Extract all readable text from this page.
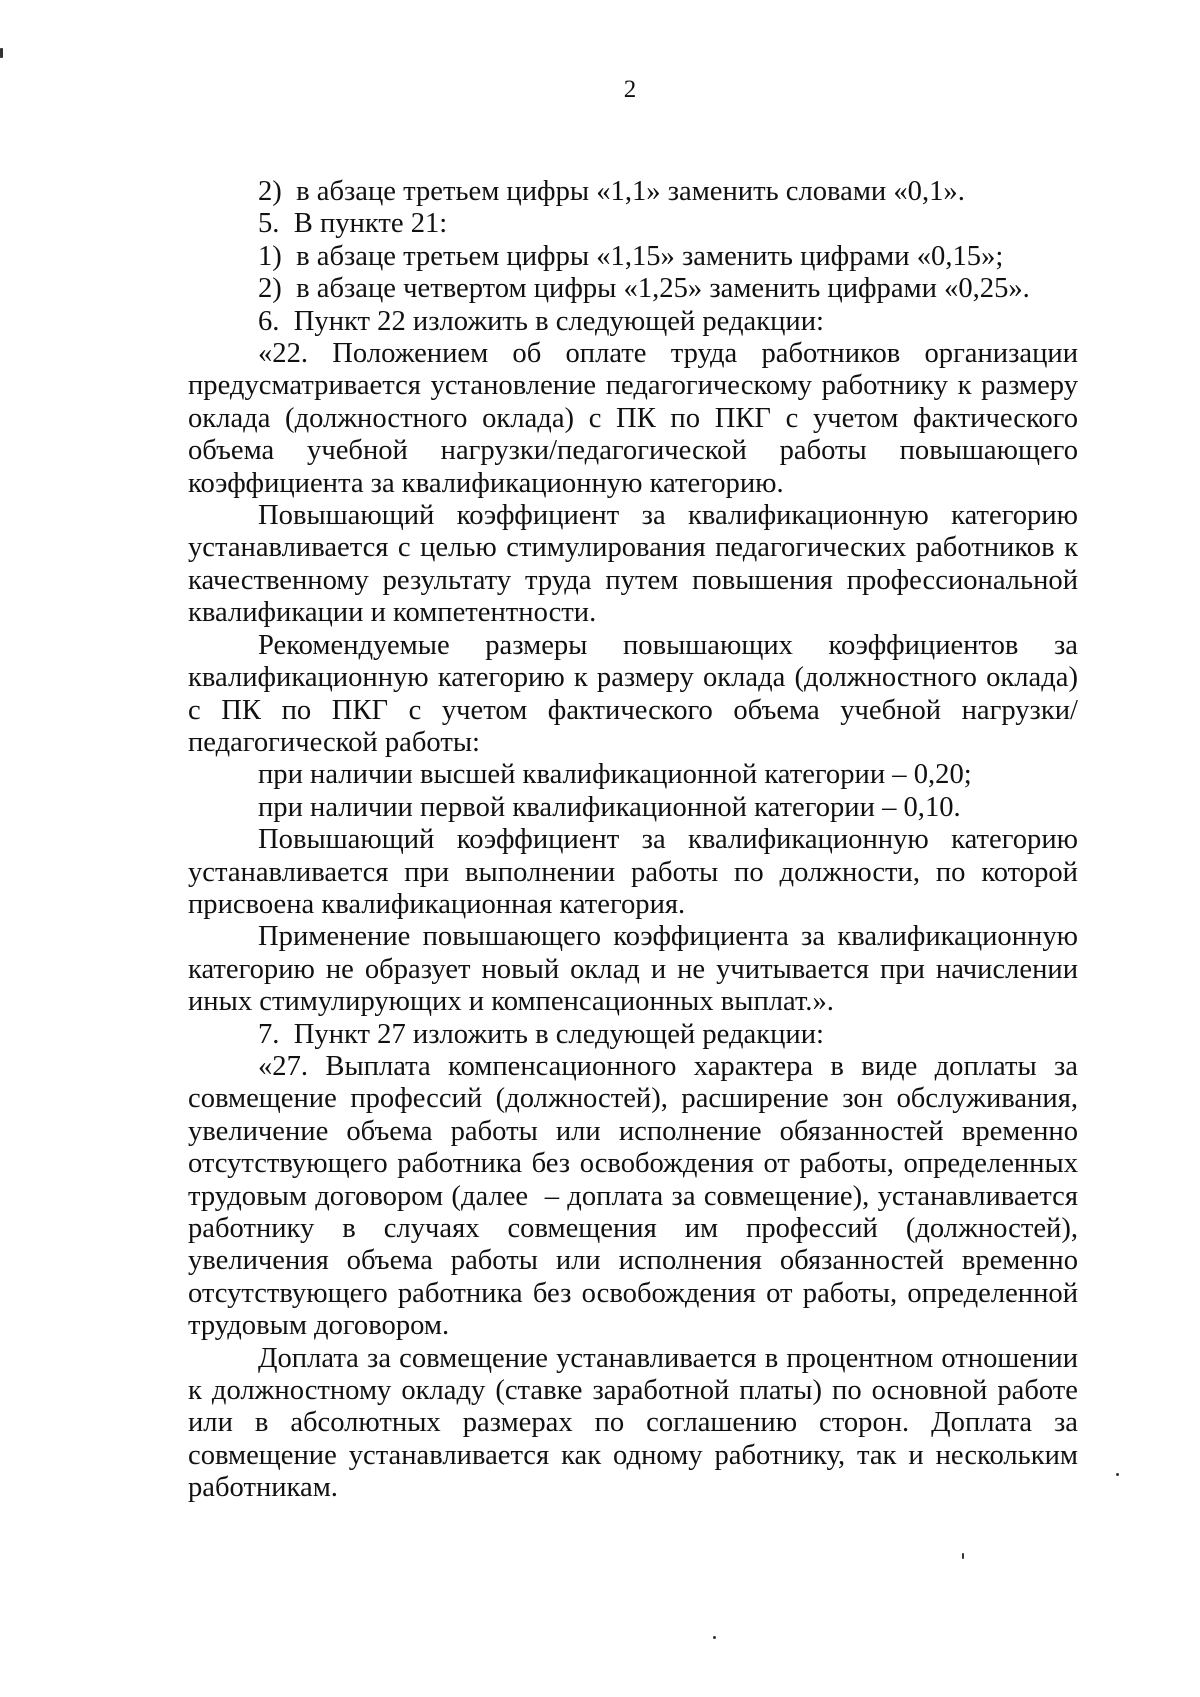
2

2)  в абзаце третьем цифры «1,1» заменить словами «0,1».

5.  В пункте 21:

1)  в абзаце третьем цифры «1,15» заменить цифрами «0,15»;

2)  в абзаце четвертом цифры «1,25» заменить цифрами «0,25».

6.  Пункт 22 изложить в следующей редакции:

«22. Положением об оплате труда работников организации предусматривается установление педагогическому работнику к размеру оклада (должностного оклада) с ПК по ПКГ с учетом фактического объема учебной нагрузки/педагогической работы повышающего коэффициента за квалификационную категорию.

Повышающий коэффициент за квалификационную категорию устанавливается с целью стимулирования педагогических работников к качественному результату труда путем повышения профессиональной квалификации и компетентности.

Рекомендуемые размеры повышающих коэффициентов за квалификационную категорию к размеру оклада (должностного оклада) с ПК по ПКГ с учетом фактического объема учебной нагрузки/педагогической работы:

при наличии высшей квалификационной категории – 0,20;

при наличии первой квалификационной категории – 0,10.

Повышающий коэффициент за квалификационную категорию устанавливается при выполнении работы по должности, по которой присвоена квалификационная категория.

Применение повышающего коэффициента за квалификационную категорию не образует новый оклад и не учитывается при начислении иных стимулирующих и компенсационных выплат.».

7.  Пункт 27 изложить в следующей редакции:

«27. Выплата компенсационного характера в виде доплаты за совмещение профессий (должностей), расширение зон обслуживания, увеличение объема работы или исполнение обязанностей временно отсутствующего работника без освобождения от работы, определенных трудовым договором (далее  – доплата за совмещение), устанавливается работнику в случаях совмещения им профессий (должностей), увеличения объема работы или исполнения обязанностей временно отсутствующего работника без освобождения от работы, определенной трудовым договором.

Доплата за совмещение устанавливается в процентном отношении к должностному окладу (ставке заработной платы) по основной работе или в абсолютных размерах по соглашению сторон. Доплата за совмещение устанавливается как одному работнику, так и нескольким работникам.
